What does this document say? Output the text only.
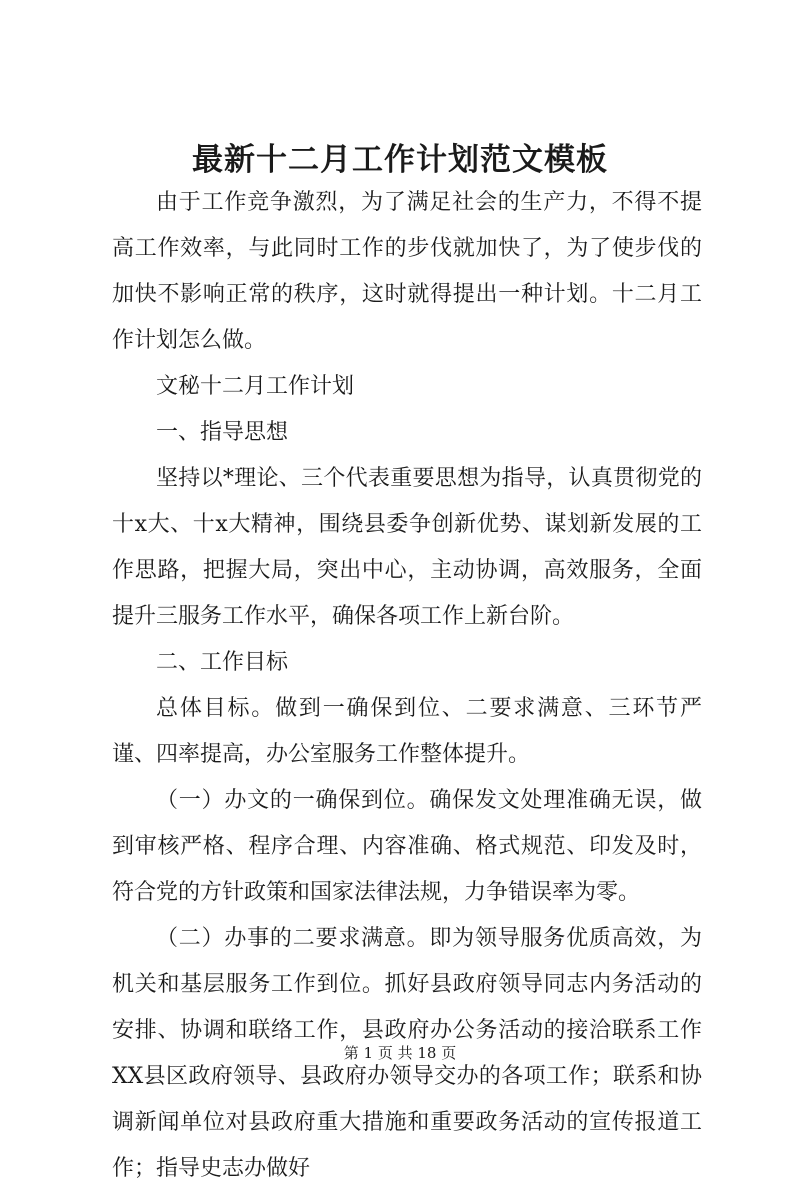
最新十二月工作计划范文模板

由于工作竞争激烈，为了满足社会的生产力，不得不提高工作效率，与此同时工作的步伐就加快了，为了使步伐的加快不影响正常的秩序，这时就得提出一种计划。十二月工作计划怎么做。

文秘十二月工作计划

一、指导思想

坚持以*理论、三个代表重要思想为指导，认真贯彻党的十x大、十x大精神，围绕县委争创新优势、谋划新发展的工作思路，把握大局，突出中心，主动协调，高效服务，全面提升三服务工作水平，确保各项工作上新台阶。

二、工作目标

总体目标。做到一确保到位、二要求满意、三环节严谨、四率提高，办公室服务工作整体提升。

（一）办文的一确保到位。确保发文处理准确无误，做到审核严格、程序合理、内容准确、格式规范、印发及时，符合党的方针政策和国家法律法规，力争错误率为零。

（二）办事的二要求满意。即为领导服务优质高效，为机关和基层服务工作到位。抓好县政府领导同志内务活动的安排、协调和联络工作，县政府办公务活动的接洽联系工作XX县区政府领导、县政府办领导交办的各项工作；联系和协调新闻单位对县政府重大措施和重要政务活动的宣传报道工作；指导史志办做好

第 1 页 共 18 页
